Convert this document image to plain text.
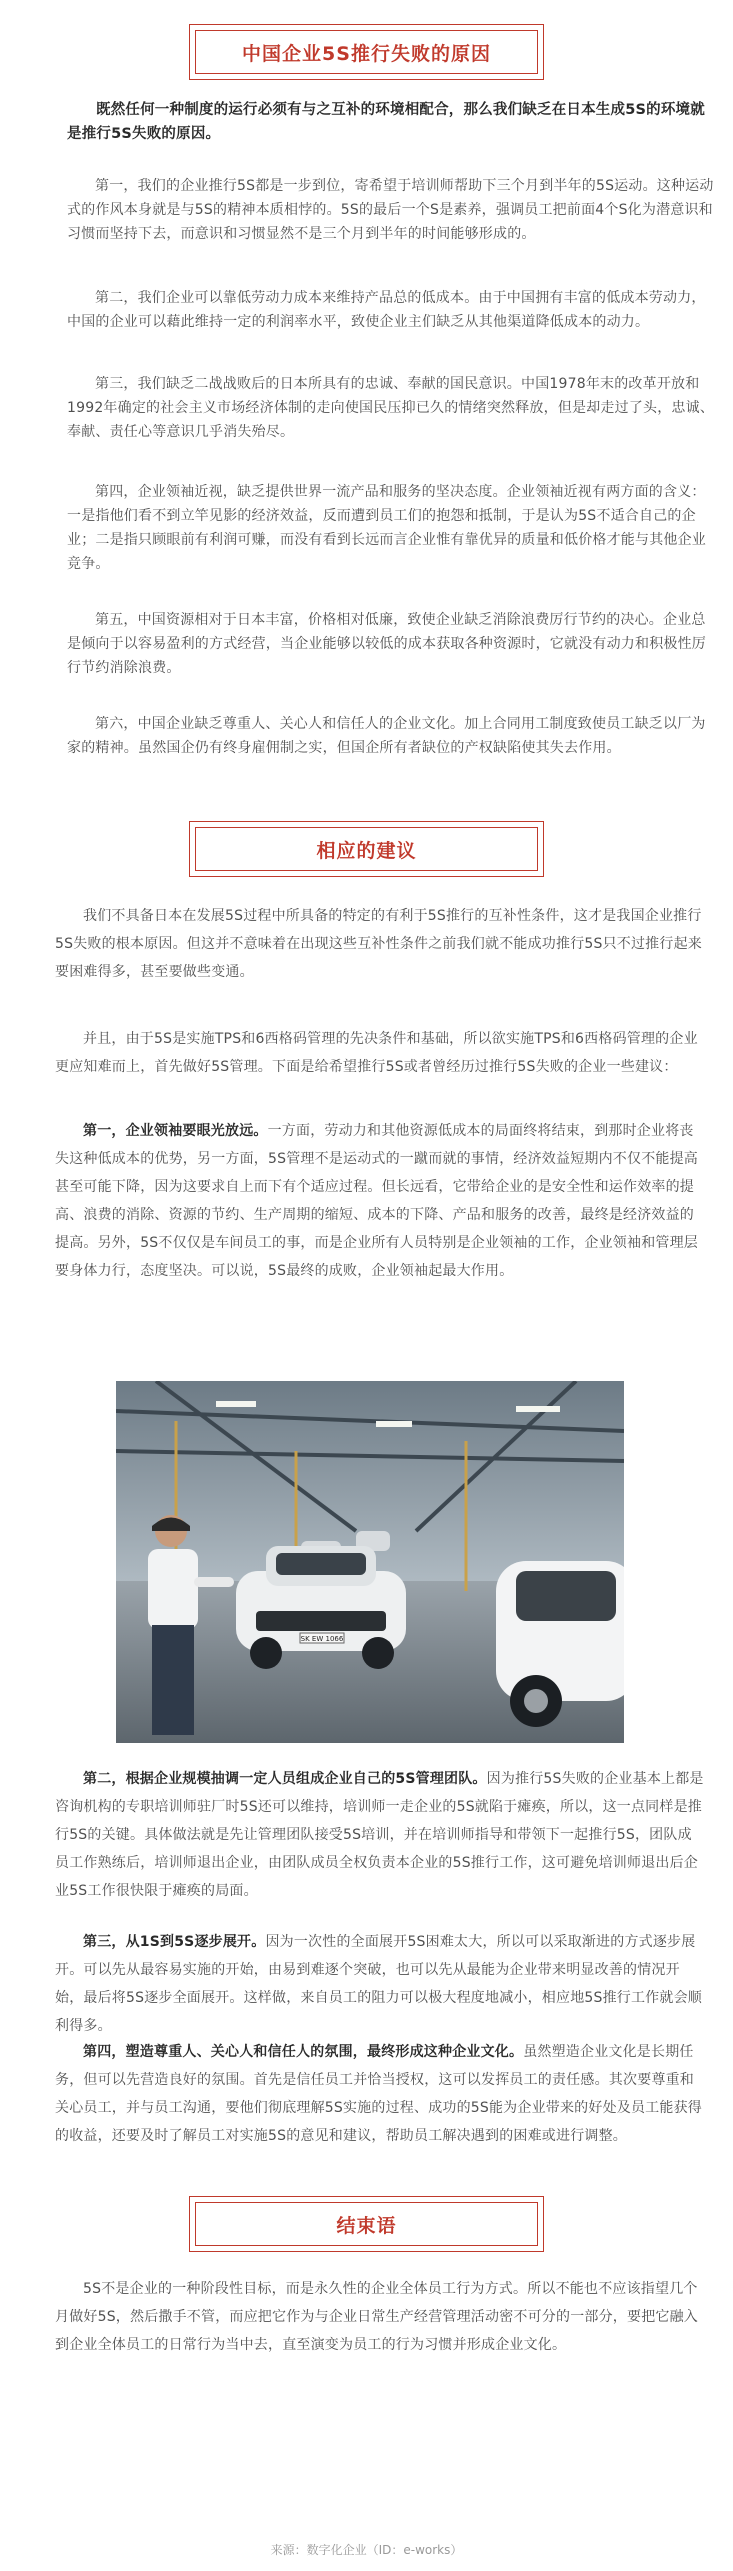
中国企业5S推行失败的原因

既然任何一种制度的运行必须有与之互补的环境相配合，那么我们缺乏在日本生成5S的环境就是推行5S失败的原因。

第一，我们的企业推行5S都是一步到位，寄希望于培训师帮助下三个月到半年的5S运动。这种运动式的作风本身就是与5S的精神本质相悖的。5S的最后一个S是素养，强调员工把前面4个S化为潜意识和习惯而坚持下去，而意识和习惯显然不是三个月到半年的时间能够形成的。

第二，我们企业可以靠低劳动力成本来维持产品总的低成本。由于中国拥有丰富的低成本劳动力，中国的企业可以藉此维持一定的利润率水平，致使企业主们缺乏从其他渠道降低成本的动力。

第三，我们缺乏二战战败后的日本所具有的忠诚、奉献的国民意识。中国1978年末的改革开放和1992年确定的社会主义市场经济体制的走向使国民压抑已久的情绪突然释放，但是却走过了头，忠诚、奉献、责任心等意识几乎消失殆尽。

第四，企业领袖近视，缺乏提供世界一流产品和服务的坚决态度。企业领袖近视有两方面的含义：一是指他们看不到立竿见影的经济效益，反而遭到员工们的抱怨和抵制，于是认为5S不适合自己的企业；二是指只顾眼前有利润可赚，而没有看到长远而言企业惟有靠优异的质量和低价格才能与其他企业竞争。

第五，中国资源相对于日本丰富，价格相对低廉，致使企业缺乏消除浪费厉行节约的决心。企业总是倾向于以容易盈利的方式经营，当企业能够以较低的成本获取各种资源时，它就没有动力和积极性厉行节约消除浪费。

第六，中国企业缺乏尊重人、关心人和信任人的企业文化。加上合同用工制度致使员工缺乏以厂为家的精神。虽然国企仍有终身雇佣制之实，但国企所有者缺位的产权缺陷使其失去作用。

相应的建议

我们不具备日本在发展5S过程中所具备的特定的有利于5S推行的互补性条件，这才是我国企业推行5S失败的根本原因。但这并不意味着在出现这些互补性条件之前我们就不能成功推行5S只不过推行起来要困难得多，甚至要做些变通。

并且，由于5S是实施TPS和6西格码管理的先决条件和基础，所以欲实施TPS和6西格码管理的企业更应知难而上，首先做好5S管理。下面是给希望推行5S或者曾经历过推行5S失败的企业一些建议：

第一，企业领袖要眼光放远。一方面，劳动力和其他资源低成本的局面终将结束，到那时企业将丧失这种低成本的优势，另一方面，5S管理不是运动式的一蹴而就的事情，经济效益短期内不仅不能提高甚至可能下降，因为这要求自上而下有个适应过程。但长远看，它带给企业的是安全性和运作效率的提高、浪费的消除、资源的节约、生产周期的缩短、成本的下降、产品和服务的改善，最终是经济效益的提高。另外，5S不仅仅是车间员工的事，而是企业所有人员特别是企业领袖的工作，企业领袖和管理层要身体力行，态度坚决。可以说，5S最终的成败，企业领袖起最大作用。

SK EW 1066

第二，根据企业规模抽调一定人员组成企业自己的5S管理团队。因为推行5S失败的企业基本上都是咨询机构的专职培训师驻厂时5S还可以维持，培训师一走企业的5S就陷于瘫痪，所以，这一点同样是推行5S的关键。具体做法就是先让管理团队接受5S培训，并在培训师指导和带领下一起推行5S，团队成员工作熟练后，培训师退出企业，由团队成员全权负责本企业的5S推行工作，这可避免培训师退出后企业5S工作很快限于瘫痪的局面。

第三，从1S到5S逐步展开。因为一次性的全面展开5S困难太大，所以可以采取渐进的方式逐步展开。可以先从最容易实施的开始，由易到难逐个突破，也可以先从最能为企业带来明显改善的情况开始，最后将5S逐步全面展开。这样做，来自员工的阻力可以极大程度地减小，相应地5S推行工作就会顺利得多。

第四，塑造尊重人、关心人和信任人的氛围，最终形成这种企业文化。虽然塑造企业文化是长期任务，但可以先营造良好的氛围。首先是信任员工并恰当授权，这可以发挥员工的责任感。其次要尊重和关心员工，并与员工沟通，要他们彻底理解5S实施的过程、成功的5S能为企业带来的好处及员工能获得的收益，还要及时了解员工对实施5S的意见和建议，帮助员工解决遇到的困难或进行调整。

结束语

5S不是企业的一种阶段性目标，而是永久性的企业全体员工行为方式。所以不能也不应该指望几个月做好5S，然后撒手不管，而应把它作为与企业日常生产经营管理活动密不可分的一部分，要把它融入到企业全体员工的日常行为当中去，直至演变为员工的行为习惯并形成企业文化。

来源：数字化企业（ID：e-works）
